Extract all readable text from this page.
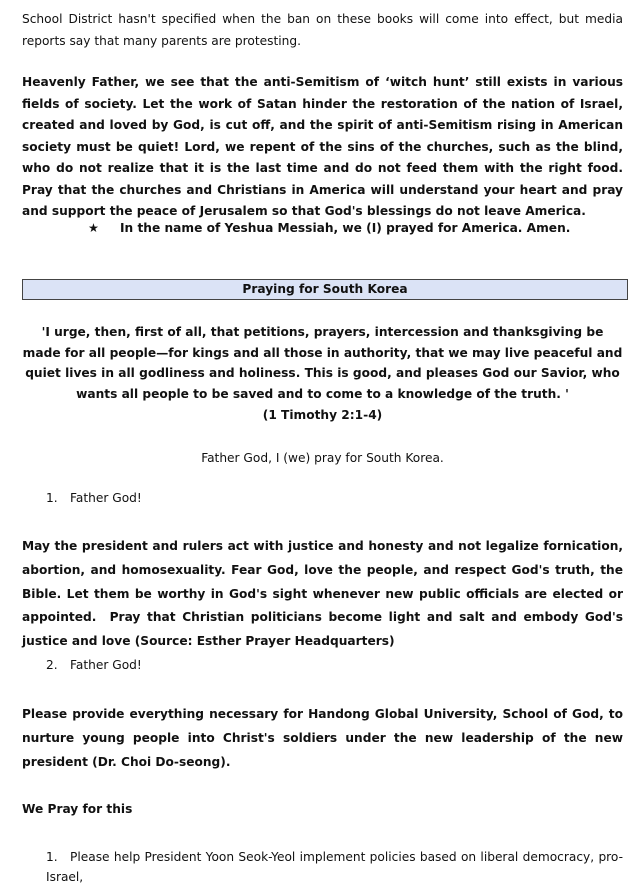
School District hasn't specified when the ban on these books will come into effect, but media reports say that many parents are protesting.

Heavenly Father, we see that the anti-Semitism of ‘witch hunt’ still exists in various fields of society. Let the work of Satan hinder the restoration of the nation of Israel, created and loved by God, is cut off, and the spirit of anti-Semitism rising in American society must be quiet! Lord, we repent of the sins of the churches, such as the blind, who do not realize that it is the last time and do not feed them with the right food. Pray that the churches and Christians in America will understand your heart and pray and support the peace of Jerusalem so that God's blessings do not leave America.

★ In the name of Yeshua Messiah, we (I) prayed for America. Amen.
Praying for South Korea

'I urge, then, first of all, that petitions, prayers, intercession and thanksgiving be made for all people—for kings and all those in authority, that we may live peaceful and quiet lives in all godliness and holiness. This is good, and pleases God our Savior, who wants all people to be saved and to come to a knowledge of the truth. '

(1 Timothy 2:1-4)

Father God, I (we) pray for South Korea.

1. Father God!

May the president and rulers act with justice and honesty and not legalize fornication, abortion, and homosexuality. Fear God, love the people, and respect God's truth, the Bible. Let them be worthy in God's sight whenever new public officials are elected or appointed.  Pray that Christian politicians become light and salt and embody God's justice and love (Source: Esther Prayer Headquarters)

2. Father God!

Please provide everything necessary for Handong Global University, School of God, to nurture young people into Christ's soldiers under the new leadership of the new president (Dr. Choi Do-seong).

We Pray for this

1. Please help President Yoon Seok-Yeol implement policies based on liberal democracy, pro-Israel,
